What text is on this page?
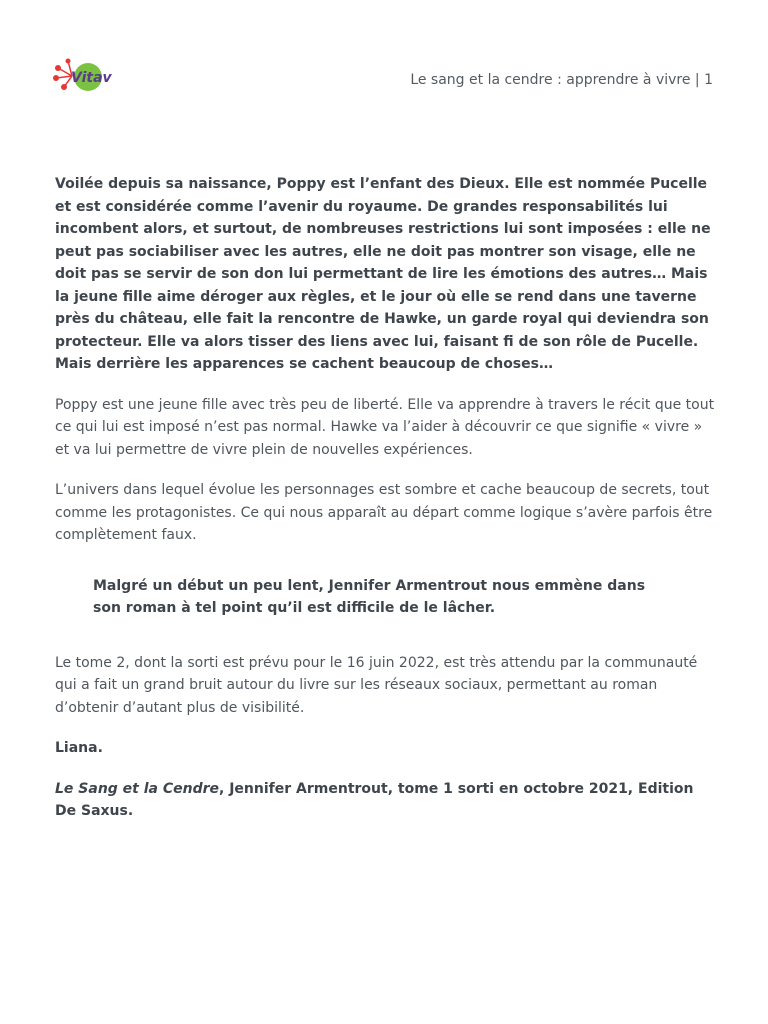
Vitav	Le sang et la cendre : apprendre à vivre | 1

Voilée depuis sa naissance, Poppy est l’enfant des Dieux. Elle est nommée Pucelle et est considérée comme l’avenir du royaume. De grandes responsabilités lui incombent alors, et surtout, de nombreuses restrictions lui sont imposées : elle ne peut pas sociabiliser avec les autres, elle ne doit pas montrer son visage, elle ne doit pas se servir de son don lui permettant de lire les émotions des autres… Mais la jeune fille aime déroger aux règles, et le jour où elle se rend dans une taverne près du château, elle fait la rencontre de Hawke, un garde royal qui deviendra son protecteur. Elle va alors tisser des liens avec lui, faisant fi de son rôle de Pucelle. Mais derrière les apparences se cachent beaucoup de choses…

Poppy est une jeune fille avec très peu de liberté. Elle va apprendre à travers le récit que tout ce qui lui est imposé n’est pas normal. Hawke va l’aider à découvrir ce que signifie « vivre » et va lui permettre de vivre plein de nouvelles expériences.

L’univers dans lequel évolue les personnages est sombre et cache beaucoup de secrets, tout comme les protagonistes. Ce qui nous apparaît au départ comme logique s’avère parfois être complètement faux.

Malgré un début un peu lent, Jennifer Armentrout nous emmène dans son roman à tel point qu’il est difficile de le lâcher.

Le tome 2, dont la sorti est prévu pour le 16 juin 2022, est très attendu par la communauté qui a fait un grand bruit autour du livre sur les réseaux sociaux, permettant au roman d’obtenir d’autant plus de visibilité.

Liana.

Le Sang et la Cendre, Jennifer Armentrout, tome 1 sorti en octobre 2021, Edition De Saxus.
